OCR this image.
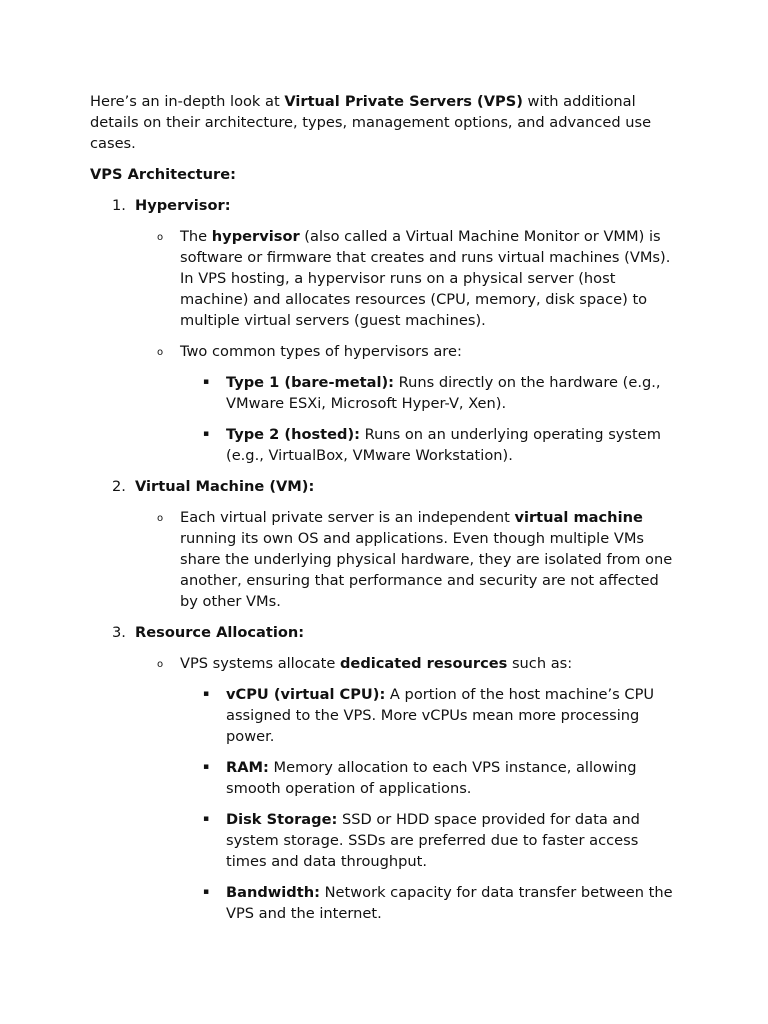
Here’s an in-depth look at Virtual Private Servers (VPS) with additional details on their architecture, types, management options, and advanced use cases.

VPS Architecture:

1. Hypervisor:
o The hypervisor (also called a Virtual Machine Monitor or VMM) is software or firmware that creates and runs virtual machines (VMs). In VPS hosting, a hypervisor runs on a physical server (host machine) and allocates resources (CPU, memory, disk space) to multiple virtual servers (guest machines).
o Two common types of hypervisors are:
▪ Type 1 (bare-metal): Runs directly on the hardware (e.g., VMware ESXi, Microsoft Hyper-V, Xen).
▪ Type 2 (hosted): Runs on an underlying operating system (e.g., VirtualBox, VMware Workstation).
2. Virtual Machine (VM):
o Each virtual private server is an independent virtual machine running its own OS and applications. Even though multiple VMs share the underlying physical hardware, they are isolated from one another, ensuring that performance and security are not affected by other VMs.
3. Resource Allocation:
o VPS systems allocate dedicated resources such as:
▪ vCPU (virtual CPU): A portion of the host machine’s CPU assigned to the VPS. More vCPUs mean more processing power.
▪ RAM: Memory allocation to each VPS instance, allowing smooth operation of applications.
▪ Disk Storage: SSD or HDD space provided for data and system storage. SSDs are preferred due to faster access times and data throughput.
▪ Bandwidth: Network capacity for data transfer between the VPS and the internet.
